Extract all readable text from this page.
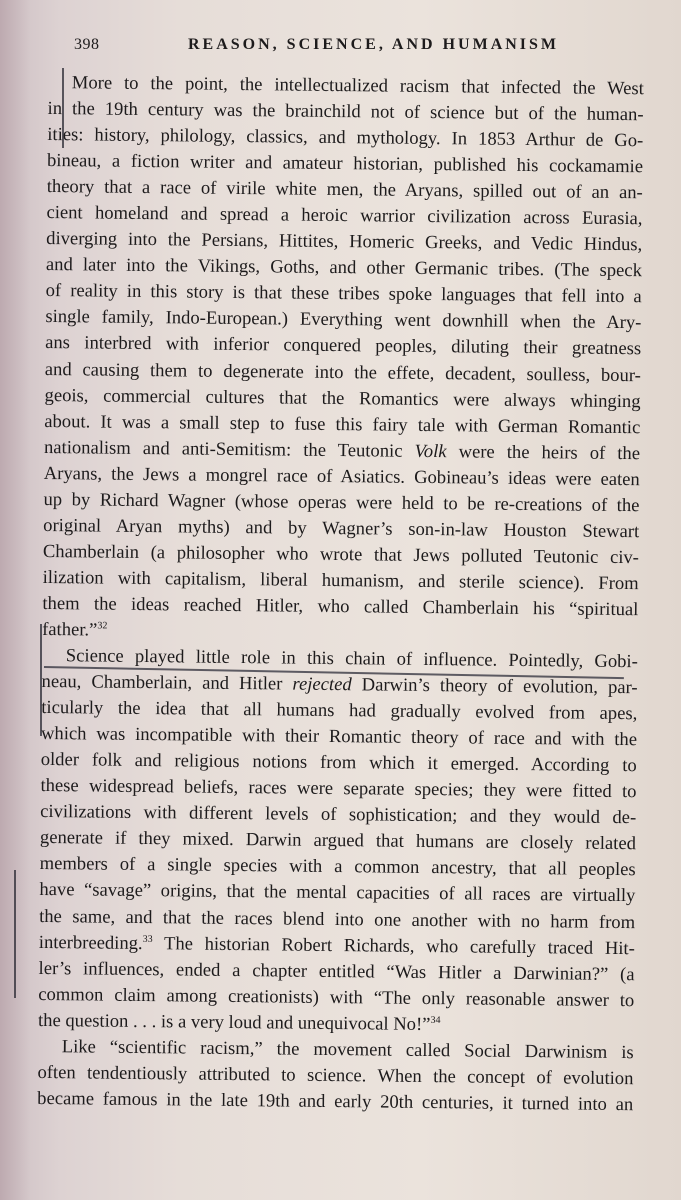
398	REASON, SCIENCE, AND HUMANISM
More to the point, the intellectualized racism that infected the West
in the 19th century was the brainchild not of science but of the human-
ities: history, philology, classics, and mythology. In 1853 Arthur de Go-
bineau, a fiction writer and amateur historian, published his cockamamie
theory that a race of virile white men, the Aryans, spilled out of an an-
cient homeland and spread a heroic warrior civilization across Eurasia,
diverging into the Persians, Hittites, Homeric Greeks, and Vedic Hindus,
and later into the Vikings, Goths, and other Germanic tribes. (The speck
of reality in this story is that these tribes spoke languages that fell into a
single family, Indo-European.) Everything went downhill when the Ary-
ans interbred with inferior conquered peoples, diluting their greatness
and causing them to degenerate into the effete, decadent, soulless, bour-
geois, commercial cultures that the Romantics were always whinging
about. It was a small step to fuse this fairy tale with German Romantic
nationalism and anti-Semitism: the Teutonic Volk were the heirs of the
Aryans, the Jews a mongrel race of Asiatics. Gobineau’s ideas were eaten
up by Richard Wagner (whose operas were held to be re-creations of the
original Aryan myths) and by Wagner’s son-in-law Houston Stewart
Chamberlain (a philosopher who wrote that Jews polluted Teutonic civ-
ilization with capitalism, liberal humanism, and sterile science). From
them the ideas reached Hitler, who called Chamberlain his “spiritual
father.”$^{32}$
Science played little role in this chain of influence. Pointedly, Gobi-
neau, Chamberlain, and Hitler rejected Darwin’s theory of evolution, par-
ticularly the idea that all humans had gradually evolved from apes,
which was incompatible with their Romantic theory of race and with the
older folk and religious notions from which it emerged. According to
these widespread beliefs, races were separate species; they were fitted to
civilizations with different levels of sophistication; and they would de-
generate if they mixed. Darwin argued that humans are closely related
members of a single species with a common ancestry, that all peoples
have “savage” origins, that the mental capacities of all races are virtually
the same, and that the races blend into one another with no harm from
interbreeding.$^{33}$ The historian Robert Richards, who carefully traced Hit-
ler’s influences, ended a chapter entitled “Was Hitler a Darwinian?” (a
common claim among creationists) with “The only reasonable answer to
the question . . . is a very loud and unequivocal No!”$^{34}$
Like “scientific racism,” the movement called Social Darwinism is
often tendentiously attributed to science. When the concept of evolution
became famous in the late 19th and early 20th centuries, it turned into an
